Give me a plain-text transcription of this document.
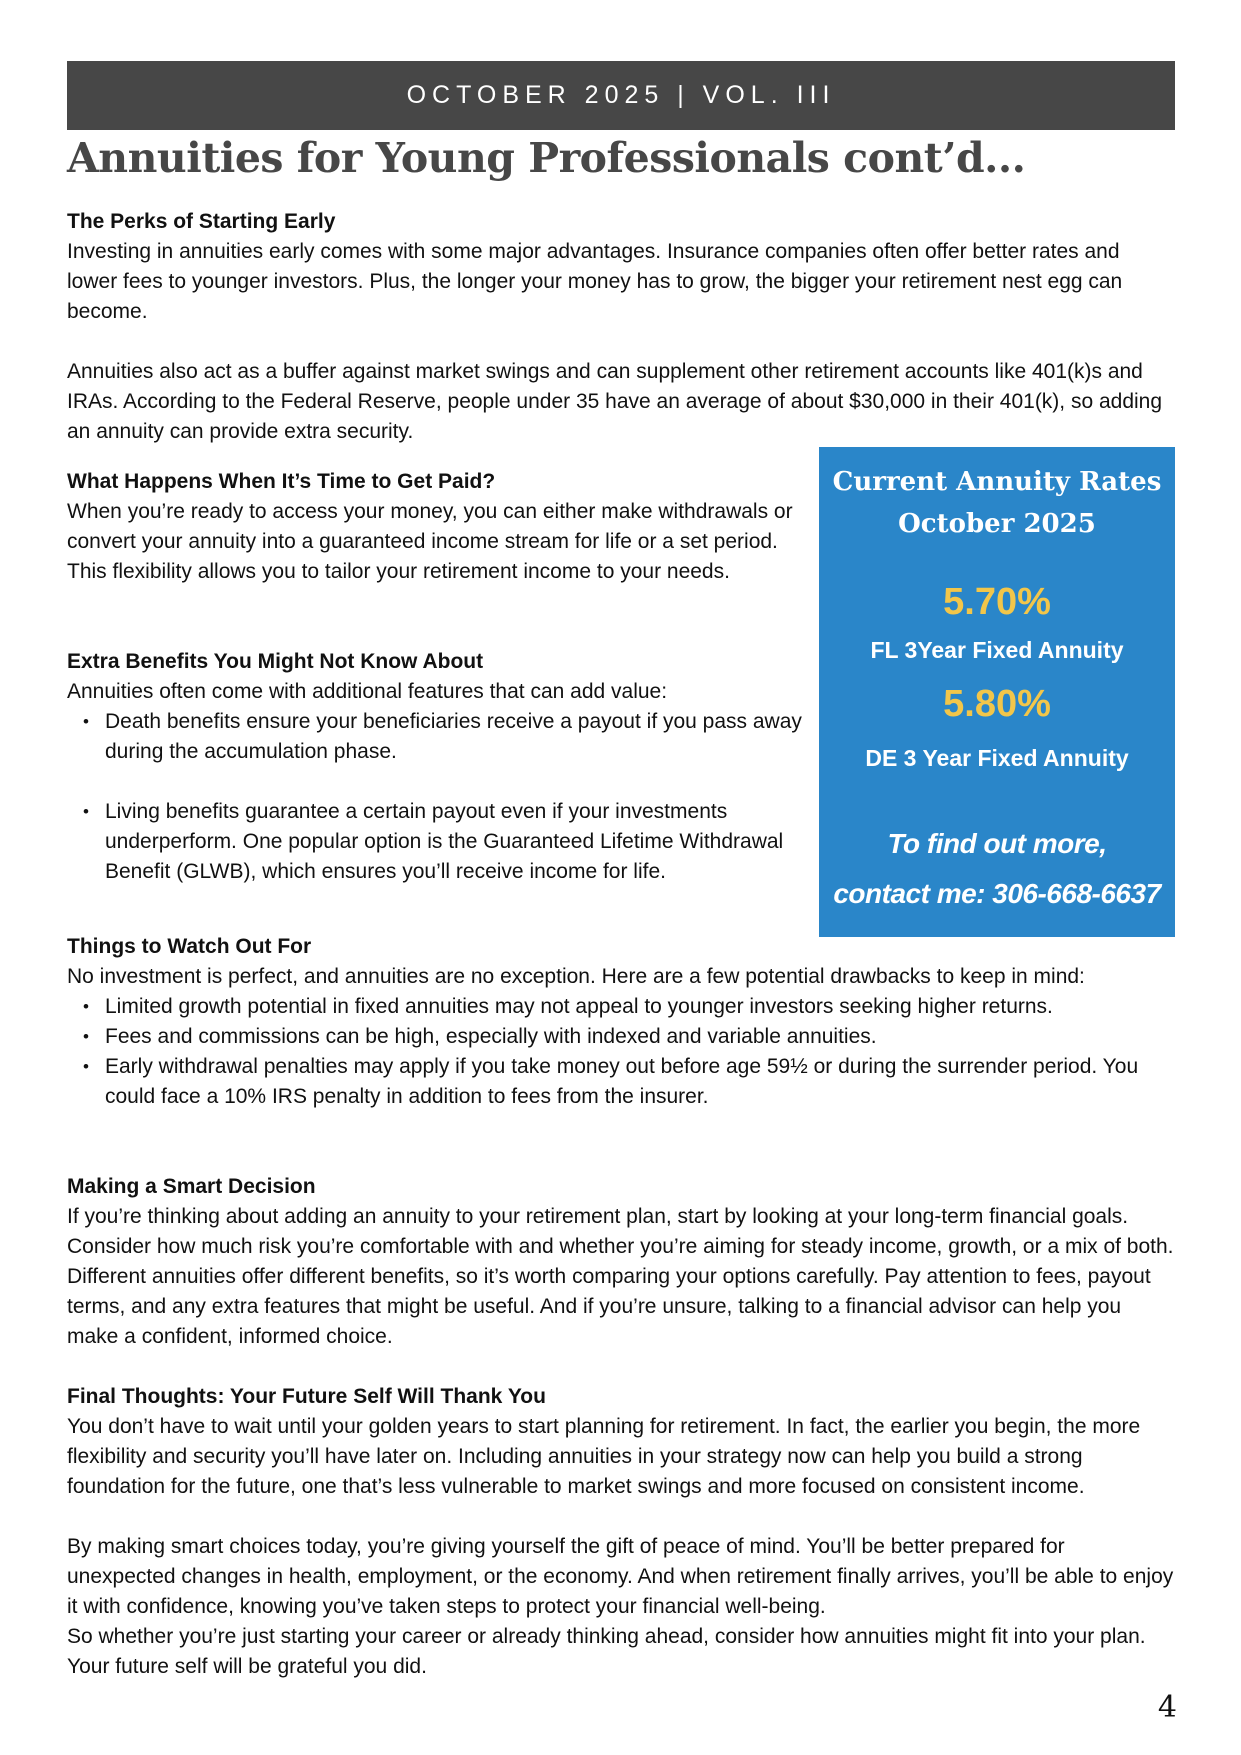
OCTOBER 2025 | VOL. III
Annuities for Young Professionals cont’d...

The Perks of Starting Early

Investing in annuities early comes with some major advantages. Insurance companies often offer better rates and lower fees to younger investors. Plus, the longer your money has to grow, the bigger your retirement nest egg can become.

Annuities also act as a buffer against market swings and can supplement other retirement accounts like 401(k)s and IRAs. According to the Federal Reserve, people under 35 have an average of about $30,000 in their 401(k), so adding an annuity can provide extra security.

What Happens When It’s Time to Get Paid?

When you’re ready to access your money, you can either make withdrawals or convert your annuity into a guaranteed income stream for life or a set period. This flexibility allows you to tailor your retirement income to your needs.

Extra Benefits You Might Not Know About

Annuities often come with additional features that can add value:

• Death benefits ensure your beneficiaries receive a payout if you pass away during the accumulation phase.
• Living benefits guarantee a certain payout even if your investments underperform. One popular option is the Guaranteed Lifetime Withdrawal Benefit (GLWB), which ensures you’ll receive income for life.

Things to Watch Out For

No investment is perfect, and annuities are no exception. Here are a few potential drawbacks to keep in mind:

• Limited growth potential in fixed annuities may not appeal to younger investors seeking higher returns.
• Fees and commissions can be high, especially with indexed and variable annuities.
• Early withdrawal penalties may apply if you take money out before age 59½ or during the surrender period. You could face a 10% IRS penalty in addition to fees from the insurer.

Making a Smart Decision

If you’re thinking about adding an annuity to your retirement plan, start by looking at your long-term financial goals. Consider how much risk you’re comfortable with and whether you’re aiming for steady income, growth, or a mix of both. Different annuities offer different benefits, so it’s worth comparing your options carefully. Pay attention to fees, payout terms, and any extra features that might be useful. And if you’re unsure, talking to a financial advisor can help you make a confident, informed choice.

Final Thoughts: Your Future Self Will Thank You

You don’t have to wait until your golden years to start planning for retirement. In fact, the earlier you begin, the more flexibility and security you’ll have later on. Including annuities in your strategy now can help you build a strong foundation for the future, one that’s less vulnerable to market swings and more focused on consistent income.

By making smart choices today, you’re giving yourself the gift of peace of mind. You’ll be better prepared for unexpected changes in health, employment, or the economy. And when retirement finally arrives, you’ll be able to enjoy it with confidence, knowing you’ve taken steps to protect your financial well-being.

So whether you’re just starting your career or already thinking ahead, consider how annuities might fit into your plan. Your future self will be grateful you did.

Current Annuity Rates
October 2025
5.70%
FL 3Year Fixed Annuity
5.80%
DE 3 Year Fixed Annuity
To find out more,
contact me: 306-668-6637
4
